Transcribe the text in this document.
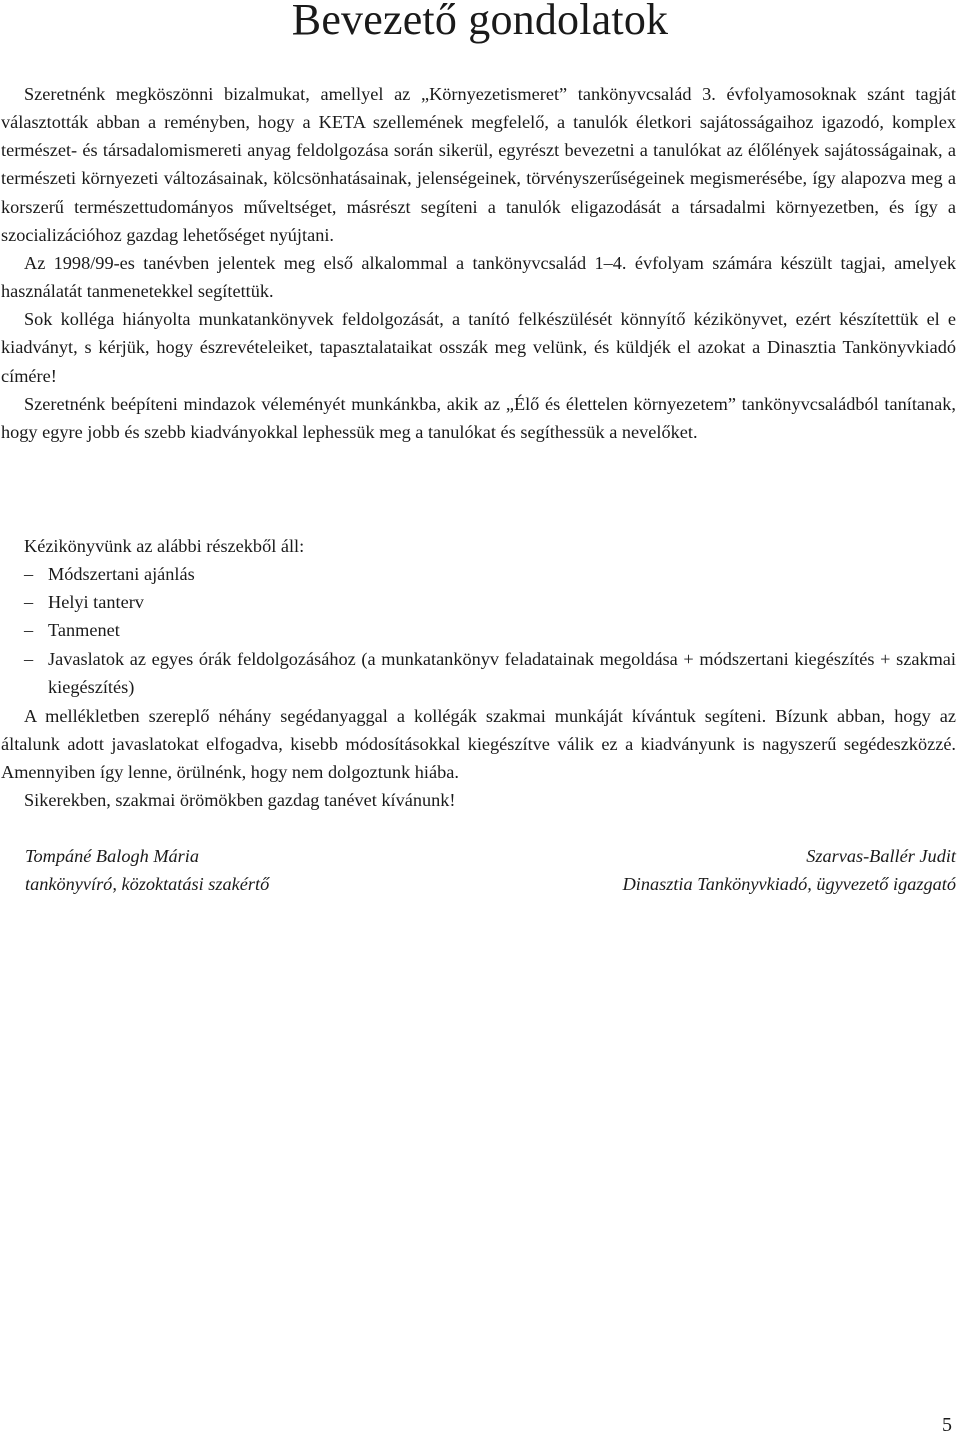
Bevezető gondolatok

Szeretnénk megköszönni bizalmukat, amellyel az „Környezetismeret” tankönyvcsalád 3. évfolyamosoknak szánt tagját választották abban a reményben, hogy a KETA szellemének megfelelő, a tanulók életkori sajátosságaihoz igazodó, komplex természet- és társadalomismereti anyag feldolgozása során sikerül, egyrészt bevezetni a tanulókat az élőlények sajátosságainak, a természeti környezeti változásainak, kölcsönhatásainak, jelenségeinek, törvényszerűségeinek megismerésébe, így alapozva meg a korszerű természettudományos műveltséget, másrészt segíteni a tanulók eligazodását a társadalmi környezetben, és így a szocializációhoz gazdag lehetőséget nyújtani.

Az 1998/99-es tanévben jelentek meg első alkalommal a tankönyvcsalád 1–4. évfolyam számára készült tagjai, amelyek használatát tanmenetekkel segítettük.

Sok kolléga hiányolta munkatankönyvek feldolgozását, a tanító felkészülését könnyítő kézikönyvet, ezért készítettük el e kiadványt, s kérjük, hogy észrevételeiket, tapasztalataikat osszák meg velünk, és küldjék el azokat a Dinasztia Tankönyvkiadó címére!

Szeretnénk beépíteni mindazok véleményét munkánkba, akik az „Élő és élettelen környezetem” tankönyvcsaládból tanítanak, hogy egyre jobb és szebb kiadványokkal lephessük meg a tanulókat és segíthessük a nevelőket.

Kézikönyvünk az alábbi részekből áll:

– Módszertani ajánlás
– Helyi tanterv
– Tanmenet
– Javaslatok az egyes órák feldolgozásához (a munkatankönyv feladatainak megoldása + módszertani kiegészítés + szakmai kiegészítés)

A mellékletben szereplő néhány segédanyaggal a kollégák szakmai munkáját kívántuk segíteni. Bízunk abban, hogy az általunk adott javaslatokat elfogadva, kisebb módosításokkal kiegészítve válik ez a kiadványunk is nagyszerű segédeszközzé. Amennyiben így lenne, örülnénk, hogy nem dolgoztunk hiába.

Sikerekben, szakmai örömökben gazdag tanévet kívánunk!

Tompáné Balogh Mária
tankönyvíró, közoktatási szakértő
Szarvas-Ballér Judit
Dinasztia Tankönyvkiadó, ügyvezető igazgató
5
